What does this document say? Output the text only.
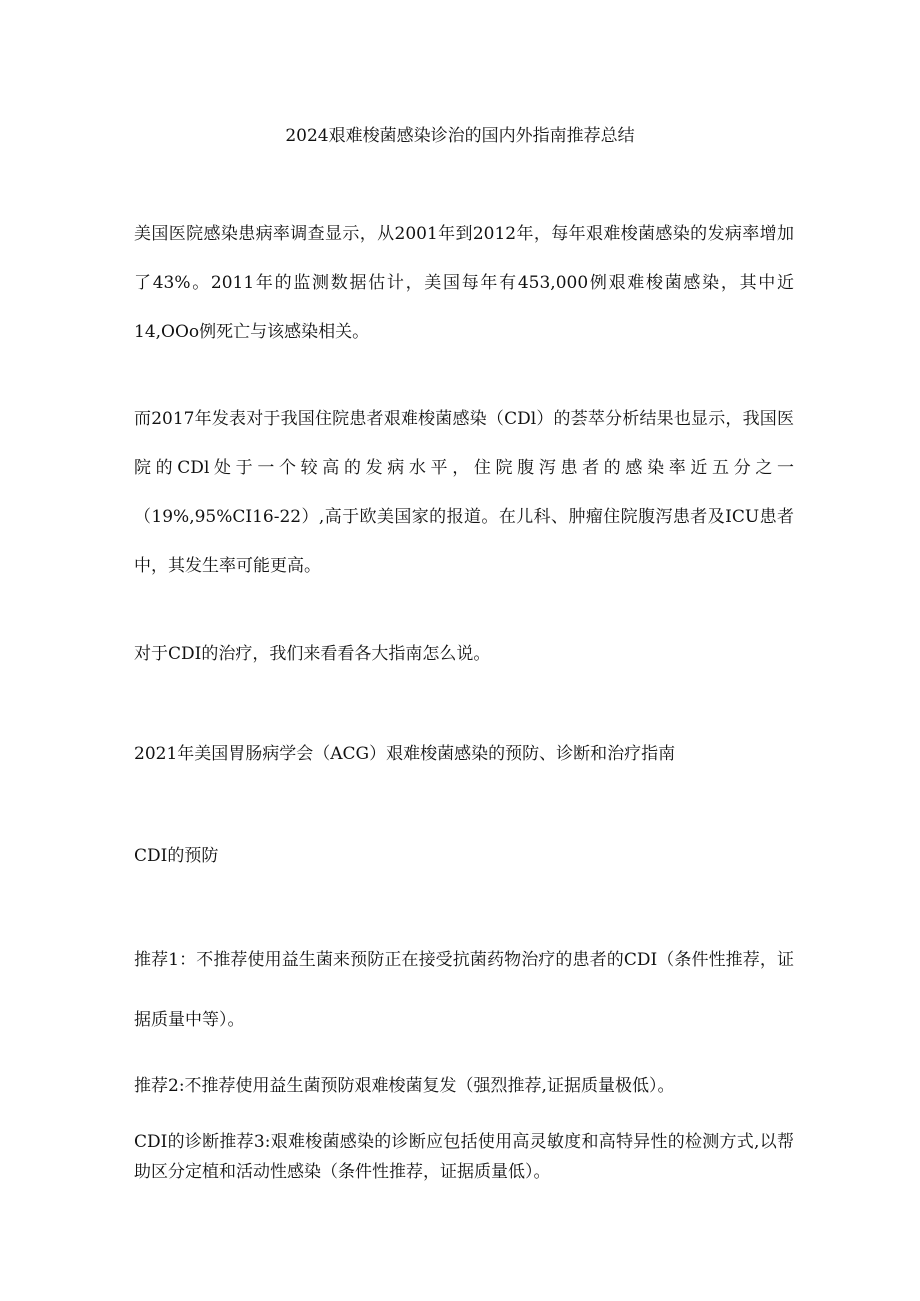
2024艰难梭菌感染诊治的国内外指南推荐总结

美国医院感染患病率调查显示，从2001年到2012年，每年艰难梭菌感染的发病率增加了43%。2011年的监测数据估计，美国每年有453,000例艰难梭菌感染，其中近14,OOo例死亡与该感染相关。

而2017年发表对于我国住院患者艰难梭菌感染（CDl）的荟萃分析结果也显示，我国医院的CDl处于一个较高的发病水平，住院腹泻患者的感染率近五分之一（19%,95%CI16-22）,高于欧美国家的报道。在儿科、肿瘤住院腹泻患者及ICU患者中，其发生率可能更高。

对于CDI的治疗，我们来看看各大指南怎么说。

2021年美国胃肠病学会（ACG）艰难梭菌感染的预防、诊断和治疗指南

CDI的预防

推荐1：不推荐使用益生菌来预防正在接受抗菌药物治疗的患者的CDI（条件性推荐，证据质量中等）。

推荐2:不推荐使用益生菌预防艰难梭菌复发（强烈推荐,证据质量极低）。

CDI的诊断推荐3:艰难梭菌感染的诊断应包括使用高灵敏度和高特异性的检测方式,以帮助区分定植和活动性感染（条件性推荐，证据质量低）。
